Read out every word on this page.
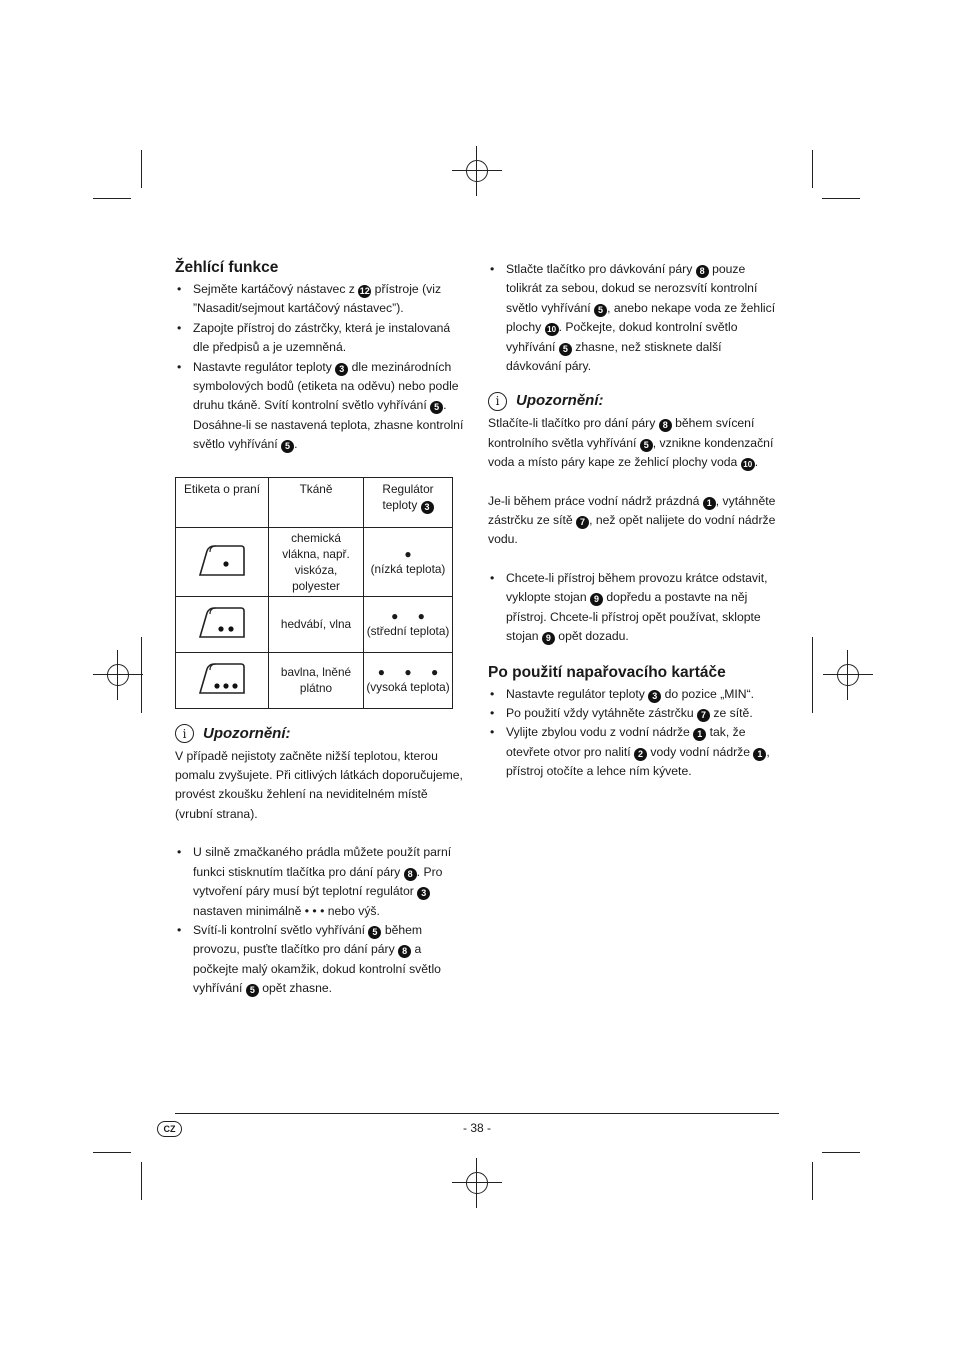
Žehlící funkce
• Sejměte kartáčový nástavec z 12 přístroje (viz ”Nasadit/sejmout kartáčový nástavec”).
• Zapojte přístroj do zástrčky, která je instalovaná dle předpisů a je uzemněná.
• Nastavte regulátor teploty 3 dle mezinárodních symbolových bodů (etiketa na oděvu) nebo podle druhu tkáně. Svítí kontrolní světlo vyhřívání 5 . Dosáhne-li se nastavená teplota, zhasne kontrolní světlo vyhřívání 5 .
Etiketa o praní	Tkáně	Regulátor teploty 3
	chemická vlákna, např. viskóza, polyester	●
(nízká teplota)
	hedvábí, vlna	● ●
(střední teplota)
	bavlna, lněné plátno	● ● ●
(vysoká teplota)
i	Upozornění:

V případě nejistoty začněte nižší teplotou, kterou pomalu zvyšujete. Při citlivých látkách doporučujeme, provést zkoušku žehlení na neviditelném místě (vrubní strana).

• U silně zmačkaného prádla můžete použít parní funkci stisknutím tlačítka pro dání páry 8 . Pro vytvoření páry musí být teplotní regulátor 3 nastaven minimálně • • • nebo výš.
• Svítí-li kontrolní světlo vyhřívání 5 během provozu, pusťte tlačítko pro dání páry 8 a počkejte malý okamžik, dokud kontrolní světlo vyhřívání 5 opět zhasne.
• Stlačte tlačítko pro dávkování páry 8 pouze tolikrát za sebou, dokud se nerozsvítí kontrolní světlo vyhřívání 5 , anebo nekape voda ze žehlicí plochy 10 . Počkejte, dokud kontrolní světlo vyhřívání 5 zhasne, než stisknete další dávkování páry.
i	Upozornění:

Stlačíte-li tlačítko pro dání páry 8 během svícení kontrolního světla vyhřívání 5 , vznikne kondenzační voda a místo páry kape ze žehlicí plochy voda 10 .

Je-li během práce vodní nádrž prázdná 1 , vytáhněte zástrčku ze sítě 7 , než opět nalijete do vodní nádrže vodu.

• Chcete-li přístroj během provozu krátce odstavit, vyklopte stojan 9 dopředu a postavte na něj přístroj. Chcete-li přístroj opět používat, sklopte stojan 9 opět dozadu.
Po použití napařovacího kartáče
• Nastavte regulátor teploty 3 do pozice „MIN“.
• Po použití vždy vytáhněte zástrčku 7 ze sítě.
• Vylijte zbylou vodu z vodní nádrže 1 tak, že otevřete otvor pro nalití 2 vody vodní nádrže 1 , přístroj otočíte a lehce ním kývete.
CZ	- 38 -
